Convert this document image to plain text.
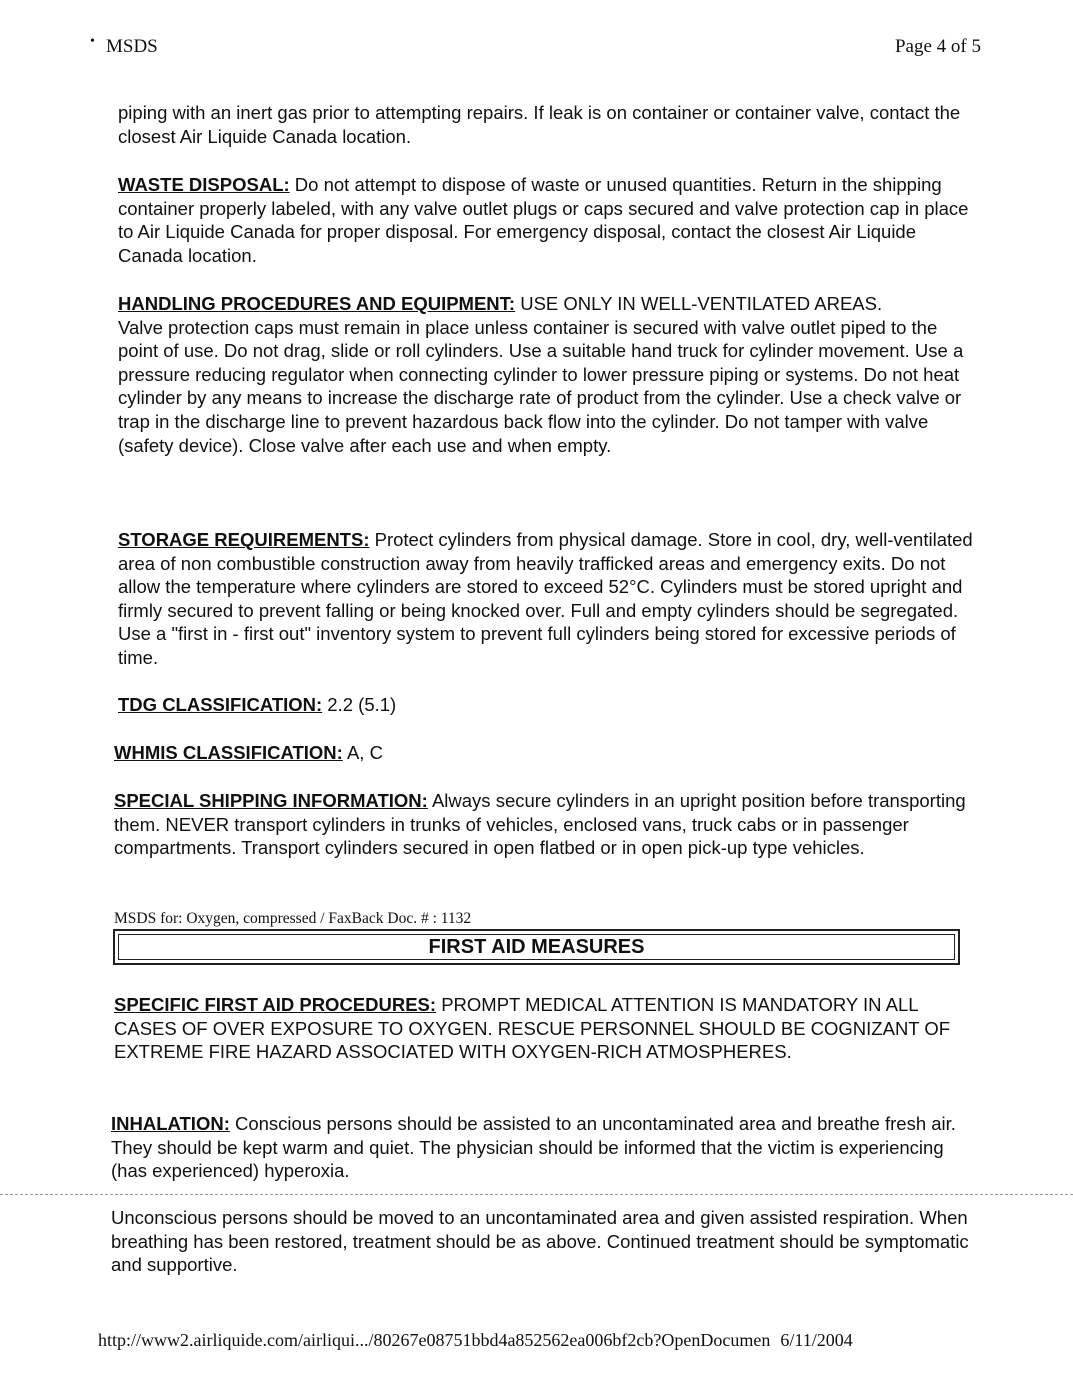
• MSDS	Page 4 of 5

piping with an inert gas prior to attempting repairs. If leak is on container or container valve, contact the closest Air Liquide Canada location.

WASTE DISPOSAL: Do not attempt to dispose of waste or unused quantities. Return in the shipping container properly labeled, with any valve outlet plugs or caps secured and valve protection cap in place to Air Liquide Canada for proper disposal. For emergency disposal, contact the closest Air Liquide Canada location.

HANDLING PROCEDURES AND EQUIPMENT: USE ONLY IN WELL-VENTILATED AREAS.
Valve protection caps must remain in place unless container is secured with valve outlet piped to the point of use. Do not drag, slide or roll cylinders. Use a suitable hand truck for cylinder movement. Use a pressure reducing regulator when connecting cylinder to lower pressure piping or systems. Do not heat cylinder by any means to increase the discharge rate of product from the cylinder. Use a check valve or trap in the discharge line to prevent hazardous back flow into the cylinder. Do not tamper with valve (safety device). Close valve after each use and when empty.

STORAGE REQUIREMENTS: Protect cylinders from physical damage. Store in cool, dry, well-ventilated area of non combustible construction away from heavily trafficked areas and emergency exits. Do not allow the temperature where cylinders are stored to exceed 52°C. Cylinders must be stored upright and firmly secured to prevent falling or being knocked over. Full and empty cylinders should be segregated. Use a "first in - first out" inventory system to prevent full cylinders being stored for excessive periods of time.

TDG CLASSIFICATION: 2.2 (5.1)

WHMIS CLASSIFICATION: A, C

SPECIAL SHIPPING INFORMATION: Always secure cylinders in an upright position before transporting them. NEVER transport cylinders in trunks of vehicles, enclosed vans, truck cabs or in passenger compartments. Transport cylinders secured in open flatbed or in open pick-up type vehicles.

MSDS for: Oxygen, compressed / FaxBack Doc. # : 1132
FIRST AID MEASURES

SPECIFIC FIRST AID PROCEDURES: PROMPT MEDICAL ATTENTION IS MANDATORY IN ALL CASES OF OVER EXPOSURE TO OXYGEN. RESCUE PERSONNEL SHOULD BE COGNIZANT OF EXTREME FIRE HAZARD ASSOCIATED WITH OXYGEN-RICH ATMOSPHERES.

INHALATION: Conscious persons should be assisted to an uncontaminated area and breathe fresh air. They should be kept warm and quiet. The physician should be informed that the victim is experiencing (has experienced) hyperoxia.

Unconscious persons should be moved to an uncontaminated area and given assisted respiration. When breathing has been restored, treatment should be as above. Continued treatment should be symptomatic and supportive.

http://www2.airliquide.com/airliqui.../80267e08751bbd4a852562ea006bf2cb?OpenDocumen 6/11/2004
